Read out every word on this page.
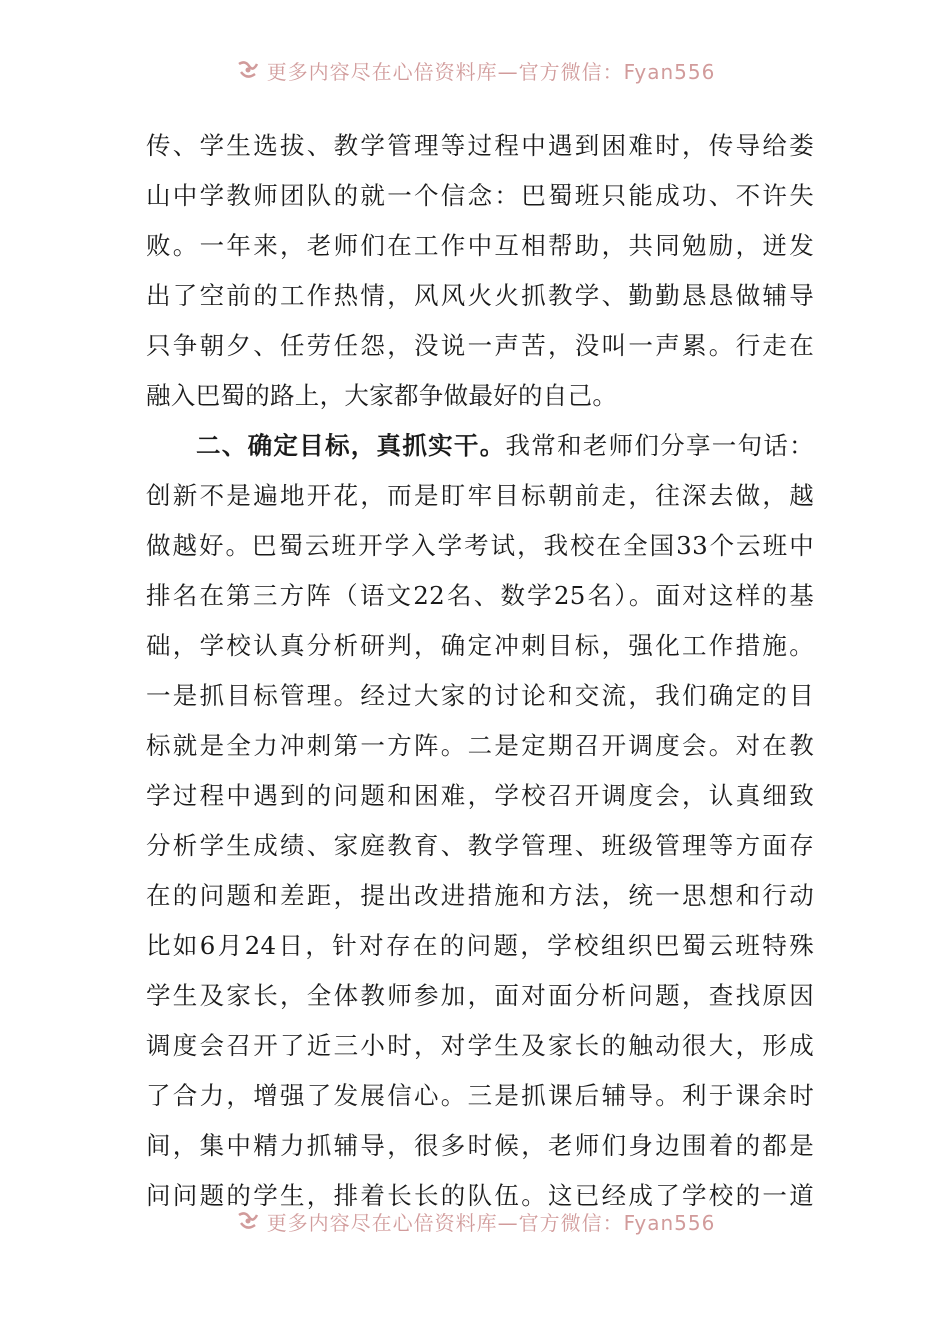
更多内容尽在心倍资料库—官方微信：Fyan556
传、学生选拔、教学管理等过程中遇到困难时，传导给娄
山中学教师团队的就一个信念：巴蜀班只能成功、不许失
败。一年来，老师们在工作中互相帮助，共同勉励，迸发
出了空前的工作热情，风风火火抓教学、勤勤恳恳做辅导
只争朝夕、任劳任怨，没说一声苦，没叫一声累。行走在
融入巴蜀的路上，大家都争做最好的自己。
二、确定目标，真抓实干。我常和老师们分享一句话：
创新不是遍地开花，而是盯牢目标朝前走，往深去做，越
做越好。巴蜀云班开学入学考试，我校在全国33个云班中
排名在第三方阵（语文22名、数学25名）。面对这样的基
础，学校认真分析研判，确定冲刺目标，强化工作措施。
一是抓目标管理。经过大家的讨论和交流，我们确定的目
标就是全力冲刺第一方阵。二是定期召开调度会。对在教
学过程中遇到的问题和困难，学校召开调度会，认真细致
分析学生成绩、家庭教育、教学管理、班级管理等方面存
在的问题和差距，提出改进措施和方法，统一思想和行动
比如6月24日，针对存在的问题，学校组织巴蜀云班特殊
学生及家长，全体教师参加，面对面分析问题，查找原因
调度会召开了近三小时，对学生及家长的触动很大，形成
了合力，增强了发展信心。三是抓课后辅导。利于课余时
间，集中精力抓辅导，很多时候，老师们身边围着的都是
问问题的学生，排着长长的队伍。这已经成了学校的一道
更多内容尽在心倍资料库—官方微信：Fyan556
